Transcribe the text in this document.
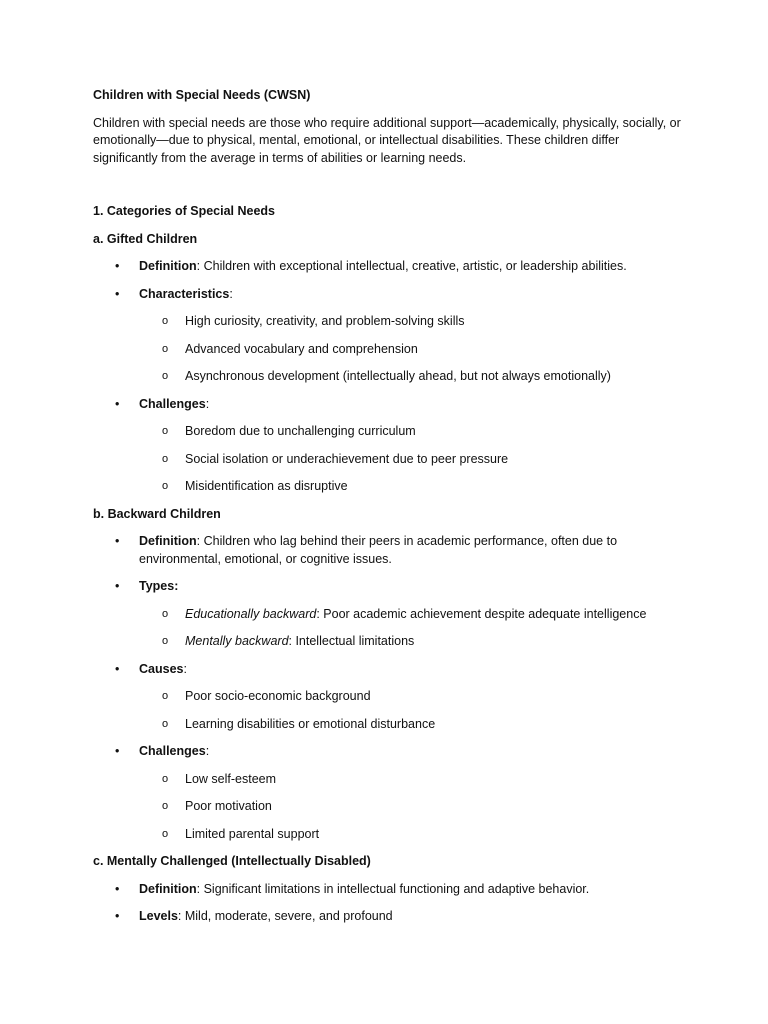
Children with Special Needs (CWSN)
Children with special needs are those who require additional support—academically, physically, socially, or emotionally—due to physical, mental, emotional, or intellectual disabilities. These children differ significantly from the average in terms of abilities or learning needs.
1. Categories of Special Needs
a. Gifted Children
• Definition: Children with exceptional intellectual, creative, artistic, or leadership abilities.
• Characteristics:
o High curiosity, creativity, and problem-solving skills
o Advanced vocabulary and comprehension
o Asynchronous development (intellectually ahead, but not always emotionally)
• Challenges:
o Boredom due to unchallenging curriculum
o Social isolation or underachievement due to peer pressure
o Misidentification as disruptive
b. Backward Children
• Definition: Children who lag behind their peers in academic performance, often due to environmental, emotional, or cognitive issues.
• Types:
o Educationally backward: Poor academic achievement despite adequate intelligence
o Mentally backward: Intellectual limitations
• Causes:
o Poor socio-economic background
o Learning disabilities or emotional disturbance
• Challenges:
o Low self-esteem
o Poor motivation
o Limited parental support
c. Mentally Challenged (Intellectually Disabled)
• Definition: Significant limitations in intellectual functioning and adaptive behavior.
• Levels: Mild, moderate, severe, and profound
